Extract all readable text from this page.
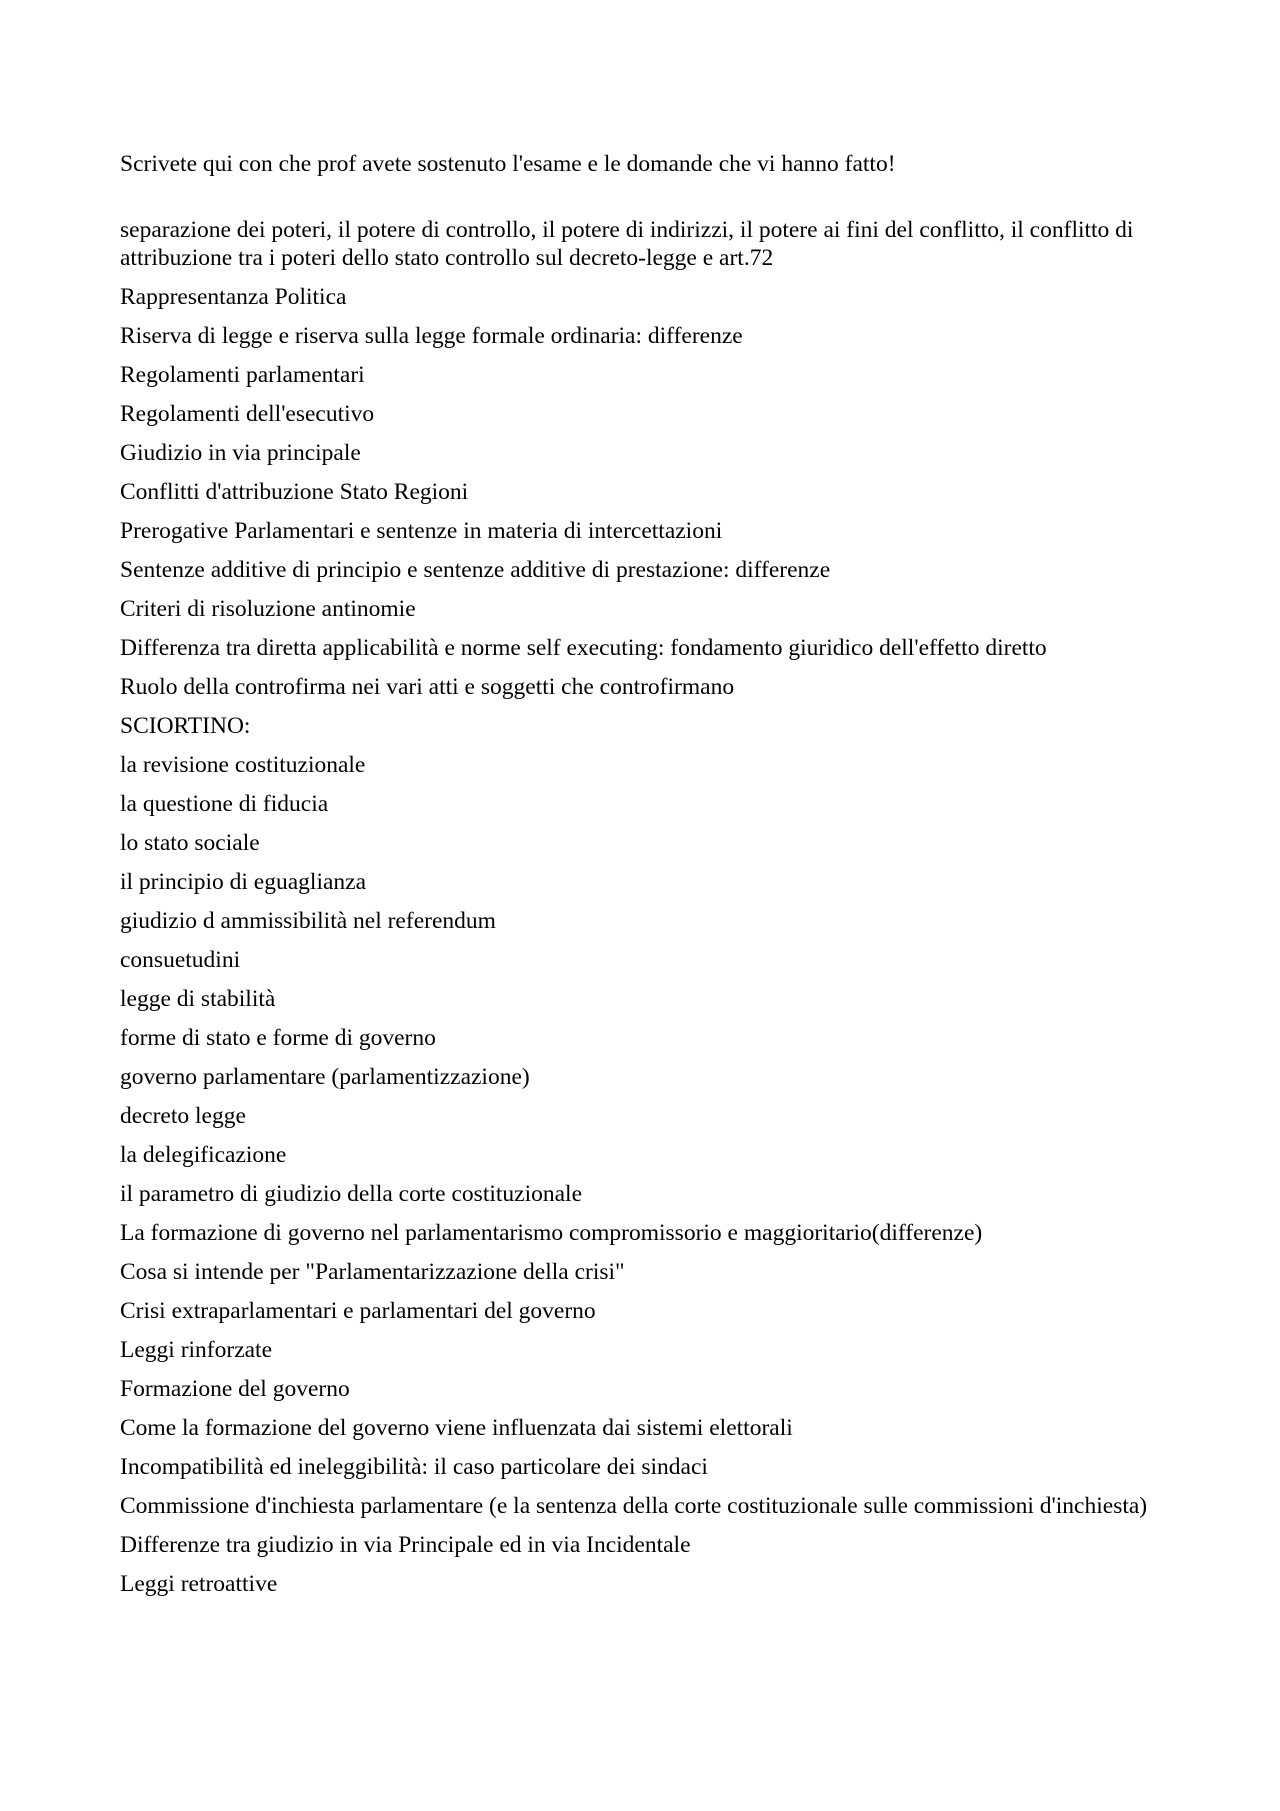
Scrivete qui con che prof avete sostenuto l'esame e le domande che vi hanno fatto!

separazione dei poteri, il potere di controllo, il potere di indirizzi, il potere ai fini del conflitto, il conflitto di attribuzione tra i poteri dello stato controllo sul decreto-legge e art.72
Rappresentanza Politica
Riserva di legge e riserva sulla legge formale ordinaria: differenze
Regolamenti parlamentari
Regolamenti dell'esecutivo
Giudizio in via principale
Conflitti d'attribuzione Stato Regioni
Prerogative Parlamentari e sentenze in materia di intercettazioni
Sentenze additive di principio e sentenze additive di prestazione: differenze
Criteri di risoluzione antinomie
Differenza tra diretta applicabilità e norme self executing: fondamento giuridico dell'effetto diretto
Ruolo della controfirma nei vari atti e soggetti che controfirmano
SCIORTINO:
la revisione costituzionale
la questione di fiducia
lo stato sociale
il principio di eguaglianza
giudizio d ammissibilità nel referendum
consuetudini
legge di stabilità
forme di stato e forme di governo
governo parlamentare (parlamentizzazione)
decreto legge
la delegificazione
il parametro di giudizio della corte costituzionale
La formazione di governo nel parlamentarismo compromissorio e maggioritario(differenze)
Cosa si intende per "Parlamentarizzazione della crisi"
Crisi extraparlamentari e parlamentari del governo
Leggi rinforzate
Formazione del governo
Come la formazione del governo viene influenzata dai sistemi elettorali
Incompatibilità ed ineleggibilità: il caso particolare dei sindaci
Commissione d'inchiesta parlamentare (e la sentenza della corte costituzionale sulle commissioni d'inchiesta)
Differenze tra giudizio in via Principale ed in via Incidentale
Leggi retroattive
